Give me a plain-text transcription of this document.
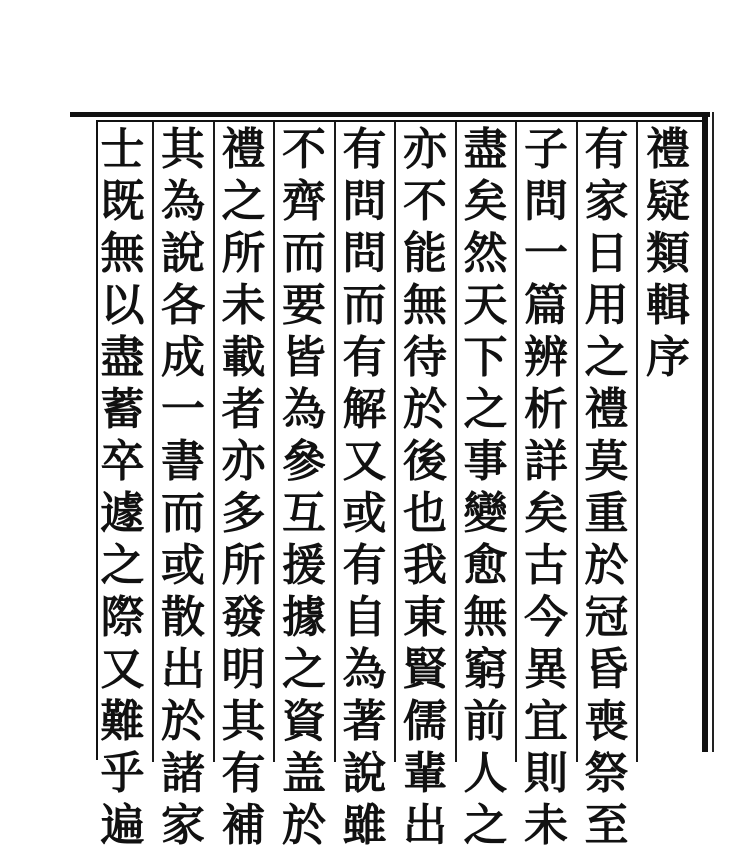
禮
疑
類
輯
序
有
家
日
用
之
禮
莫
重
於
冠
昏
喪
祭
至
子
問
一
篇
辨
析
詳
矣
古
今
異
宜
則
未
盡
矣
然
天
下
之
事
變
愈
無
窮
前
人
之
亦
不
能
無
待
於
後
也
我
東
賢
儒
輩
出
有
問
問
而
有
解
又
或
有
自
為
著
說
雖
不
齊
而
要
皆
為
參
互
援
據
之
資
盖
於
禮
之
所
未
載
者
亦
多
所
發
明
其
有
補
其
為
說
各
成
一
書
而
或
散
出
於
諸
家
士
既
無
以
盡
蓄
卒
遽
之
際
又
難
乎
遍
